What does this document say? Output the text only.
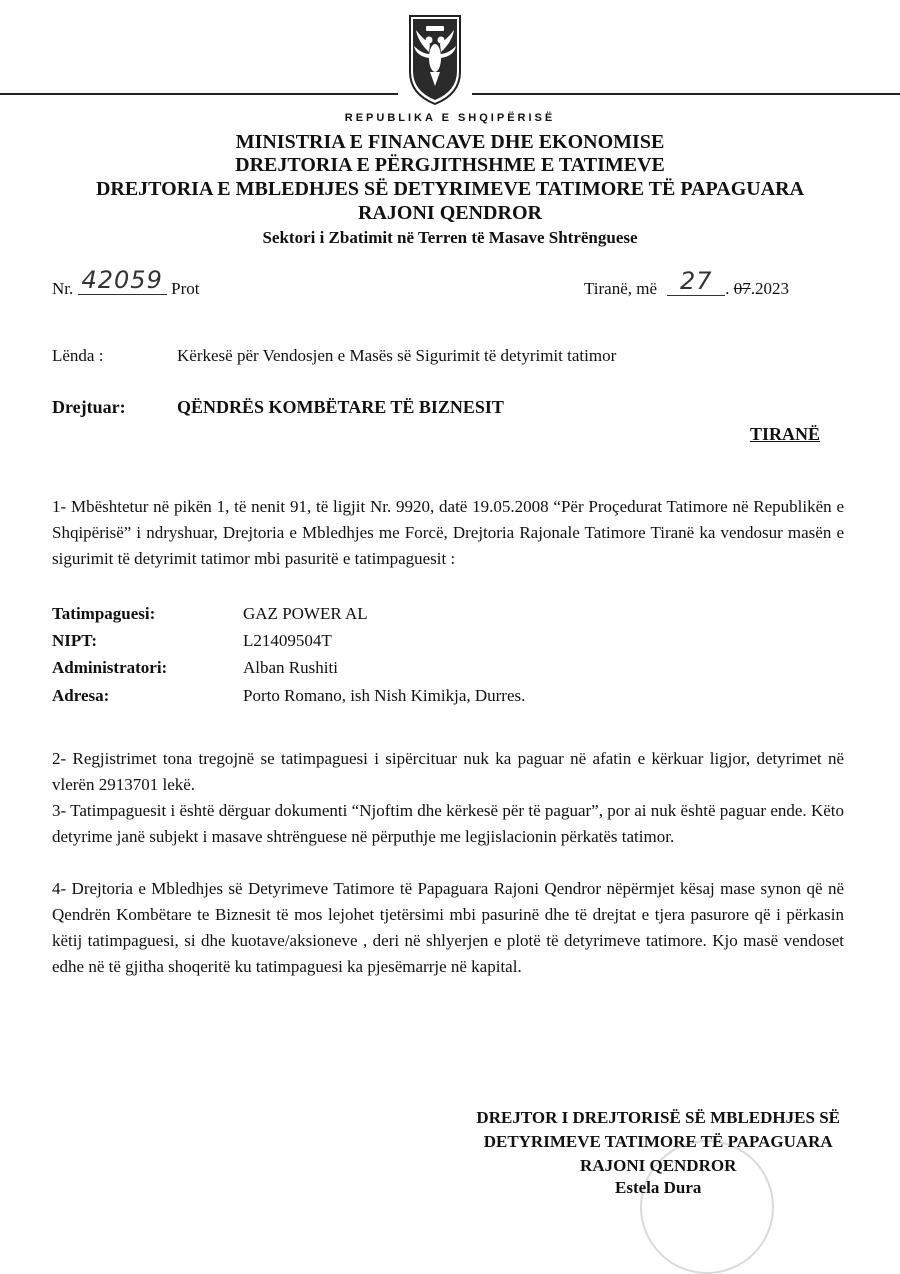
REPUBLIKA E SHQIPËRISË
MINISTRIA E FINANCAVE DHE EKONOMISE
DREJTORIA E PËRGJITHSHME E TATIMEVE
DREJTORIA E MBLEDHJES SË DETYRIMEVE TATIMORE TË PAPAGUARA
RAJONI QENDROR
Sektori i Zbatimit në Terren të Masave Shtrënguese
Nr. 42059 Prot	Tiranë, më 27 . 07.2023
Lënda :	Kërkesë për Vendosjen e Masës së Sigurimit të detyrimit tatimor
Drejtuar:	QËNDRËS KOMBËTARE TË BIZNESIT
TIRANË
1- Mbështetur në pikën 1, të nenit 91, të ligjit Nr. 9920, datë 19.05.2008 “Për Proçedurat Tatimore në Republikën e Shqipërisë” i ndryshuar, Drejtoria e Mbledhjes me Forcë, Drejtoria Rajonale Tatimore Tiranë ka vendosur masën e sigurimit të detyrimit tatimor mbi pasuritë e tatimpaguesit :
Tatimpaguesi:	GAZ POWER AL
NIPT:	L21409504T
Administratori:	Alban Rushiti
Adresa:	Porto Romano, ish Nish Kimikja, Durres.
2- Regjistrimet tona tregojnë se tatimpaguesi i sipërcituar nuk ka paguar në afatin e kërkuar ligjor, detyrimet në vlerën 2913701 lekë.
3- Tatimpaguesit i është dërguar dokumenti “Njoftim dhe kërkesë për të paguar”, por ai nuk është paguar ende. Këto detyrime janë subjekt i masave shtrënguese në përputhje me legjislacionin përkatës tatimor.
4- Drejtoria e Mbledhjes së Detyrimeve Tatimore të Papaguara Rajoni Qendror nëpërmjet kësaj mase synon që në Qendrën Kombëtare te Biznesit të mos lejohet tjetërsimi mbi pasurinë dhe të drejtat e tjera pasurore që i përkasin këtij tatimpaguesi, si dhe kuotave/aksioneve , deri në shlyerjen e plotë të detyrimeve tatimore. Kjo masë vendoset edhe në të gjitha shoqeritë ku tatimpaguesi ka pjesëmarrje në kapital.
DREJTOR I DREJTORISË SË MBLEDHJES SË
DETYRIMEVE TATIMORE TË PAPAGUARA
RAJONI QENDROR
Estela Dura
